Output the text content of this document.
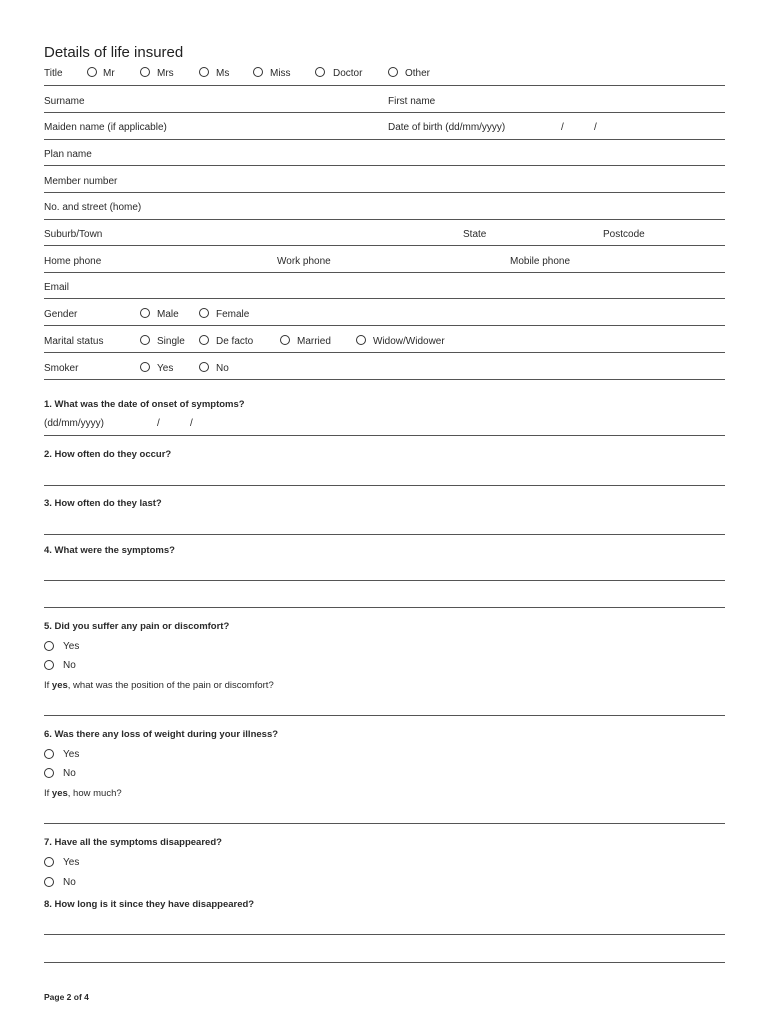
Details of life insured
Title	Mr	Mrs	Ms	Miss	Doctor	Other
Surname	First name
Maiden name (if applicable)	Date of birth (dd/mm/yyyy)	/	/
Plan name
Member number
No. and street (home)
Suburb/Town	State	Postcode
Home phone	Work phone	Mobile phone
Email
Gender	Male	Female
Marital status	Single	De facto	Married	Widow/Widower
Smoker	Yes	No
1. What was the date of onset of symptoms?
(dd/mm/yyyy)	/	/
2. How often do they occur?
3. How often do they last?
4. What were the symptoms?
5. Did you suffer any pain or discomfort?
Yes
No
If yes, what was the position of the pain or discomfort?
6. Was there any loss of weight during your illness?
Yes
No
If yes, how much?
7. Have all the symptoms disappeared?
Yes
No
8. How long is it since they have disappeared?
Page 2 of 4
